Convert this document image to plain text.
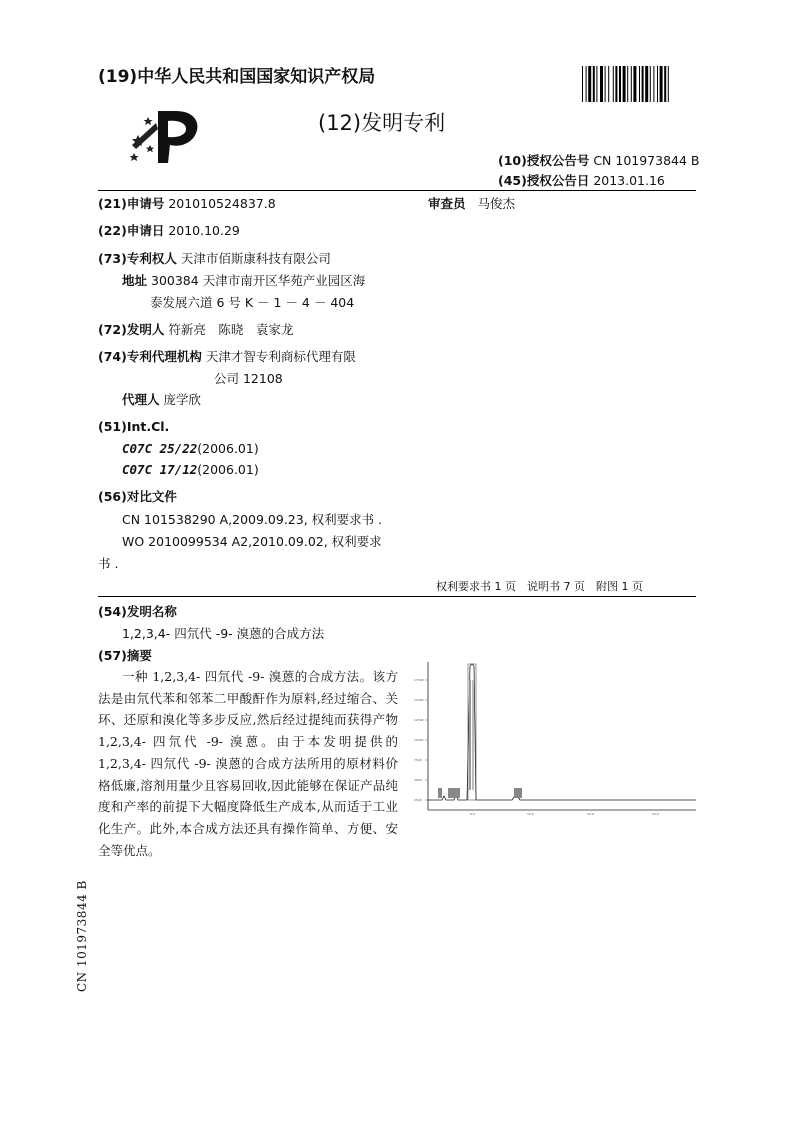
(19)中华人民共和国国家知识产权局
(12)发明专利
(10)授权公告号 CN 101973844 B
(45)授权公告日 2013.01.16
(21)申请号 201010524837.8	审查员 马俊杰
(22)申请日 2010.10.29
(73)专利权人 天津市佰斯康科技有限公司
地址 300384 天津市南开区华苑产业园区海
泰发展六道 6 号 K － 1 － 4 － 404
(72)发明人 符新亮　陈晓　袁家龙
(74)专利代理机构 天津才智专利商标代理有限
公司 12108
代理人 庞学欣
(51)Int.Cl.
C07C 25/22(2006.01)
C07C 17/12(2006.01)
(56)对比文件
CN 101538290 A,2009.09.23, 权利要求书 .
WO 2010099534 A2,2010.09.02, 权利要求
书 .
权利要求书 1 页　说明书 7 页　附图 1 页
(54)发明名称
1,2,3,4- 四氘代 -9- 溴蒽的合成方法
(57)摘要
一种 1,2,3,4- 四氘代 -9- 溴蒽的合成方法。该方法是由氘代苯和邻苯二甲酸酐作为原料,经过缩合、关环、还原和溴化等多步反应,然后经过提纯而获得产物 1,2,3,4- 四氘代 -9- 溴蒽。由于本发明提供的 1,2,3,4- 四氘代 -9- 溴蒽的合成方法所用的原材料价格低廉,溶剂用量少且容易回收,因此能够在保证产品纯度和产率的前提下大幅度降低生产成本,从而适于工业化生产。此外,本合成方法还具有操作简单、方便、安全等优点。
17500
15000
12500
10000
7500
5000
2500
0.0	10.0	20.0	30.0
CN 101973844 B
